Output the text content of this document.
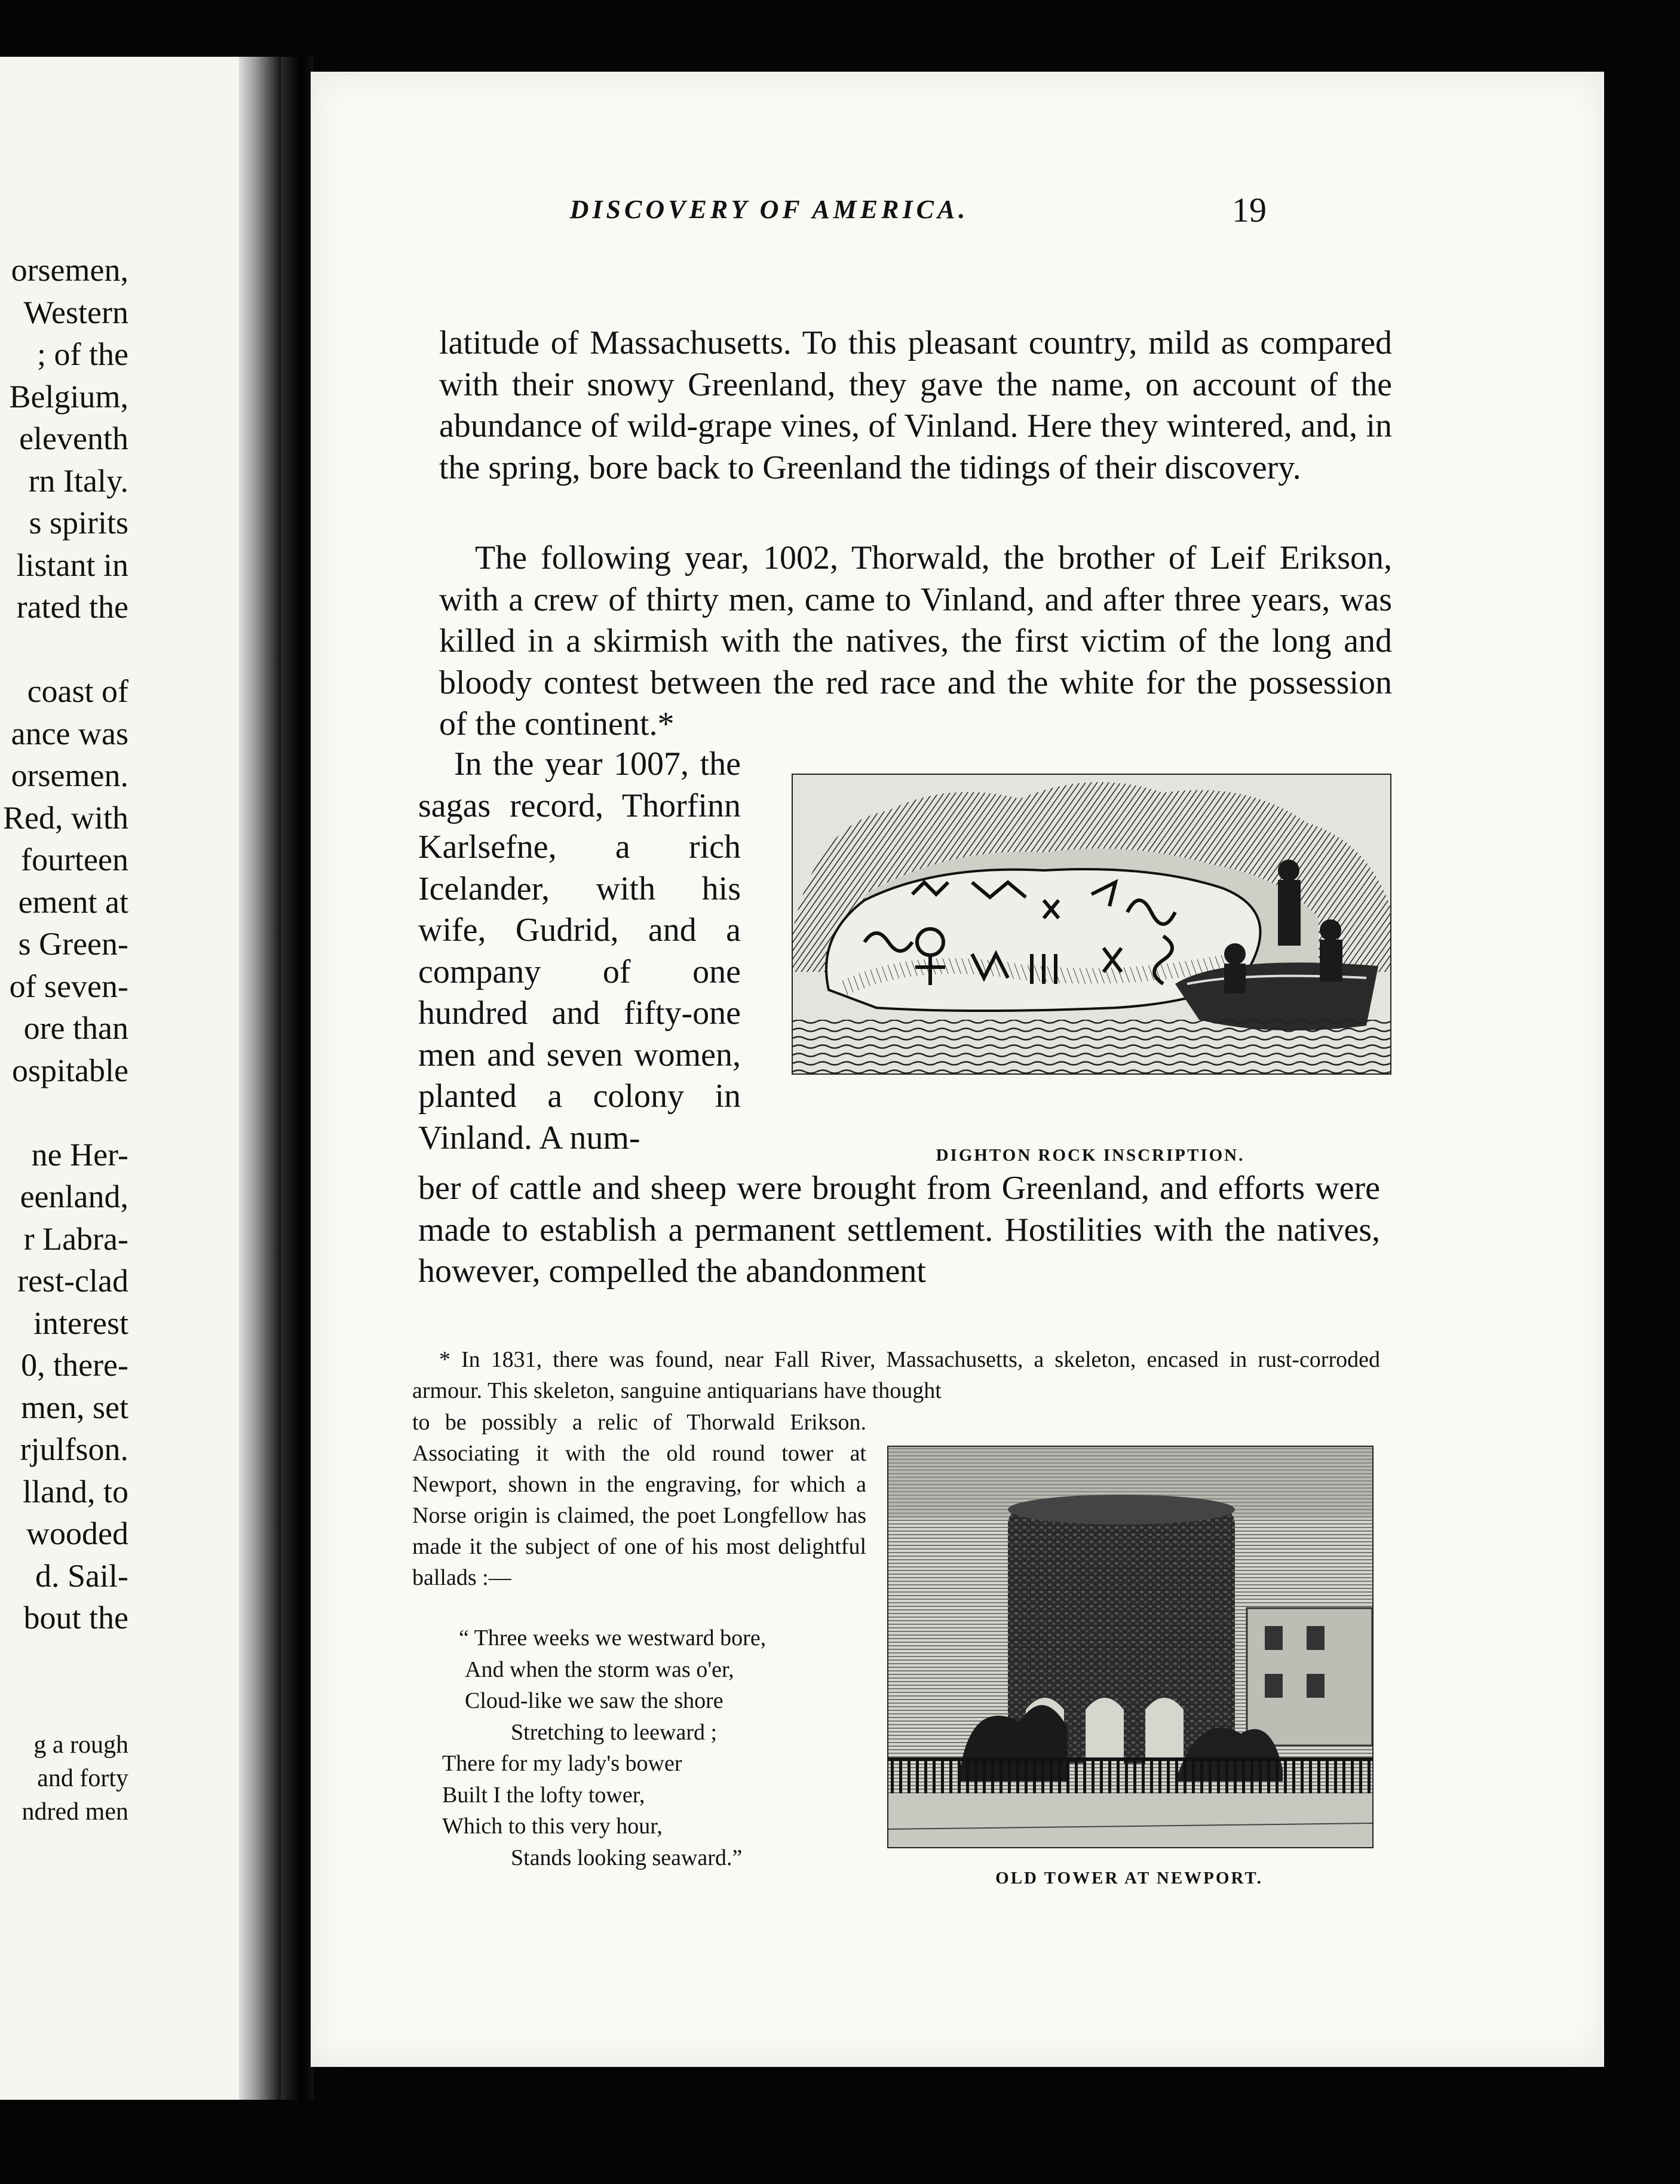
orsemen,
Western
; of the
Belgium,
eleventh
rn Italy.
s spirits
listant in
rated the
coast of
ance was
orsemen.
Red, with
fourteen
ement at
s Green-
of seven-
ore than
ospitable
ne Her-
eenland,
r Labra-
rest-clad
interest
0, there-
men, set
rjulfson.
lland, to
wooded
d. Sail-
bout the
g a rough
and forty
ndred men
DISCOVERY OF AMERICA.	19

latitude of Massachusetts. To this pleasant country, mild as compared with their snowy Greenland, they gave the name, on account of the abundance of wild-grape vines, of Vinland. Here they wintered, and, in the spring, bore back to Greenland the tidings of their discovery.

The following year, 1002, Thorwald, the brother of Leif Erikson, with a crew of thirty men, came to Vinland, and after three years, was killed in a skirmish with the natives, the first victim of the long and bloody contest between the red race and the white for the possession of the continent.*

In the year 1007, the sagas record, Thorfinn Karlsefne, a rich Icelander, with his wife, Gudrid, and a company of one hundred and fifty-one men and seven women, planted a colony in Vinland. A num-

ber of cattle and sheep were brought from Greenland, and efforts were made to establish a permanent settlement. Hostilities with the natives, however, compelled the abandonment

DIGHTON ROCK INSCRIPTION.

* In 1831, there was found, near Fall River, Massachusetts, a skeleton, encased in rust-corroded armour. This skeleton, sanguine antiquarians have thought

to be possibly a relic of Thorwald Erikson. Associating it with the old round tower at Newport, shown in the engraving, for which a Norse origin is claimed, the poet Longfellow has made it the subject of one of his most delightful ballads :—

“ Three weeks we westward bore,
And when the storm was o'er,
Cloud-like we saw the shore
Stretching to leeward ;
There for my lady's bower
Built I the lofty tower,
Which to this very hour,
Stands looking seaward.”
OLD TOWER AT NEWPORT.
